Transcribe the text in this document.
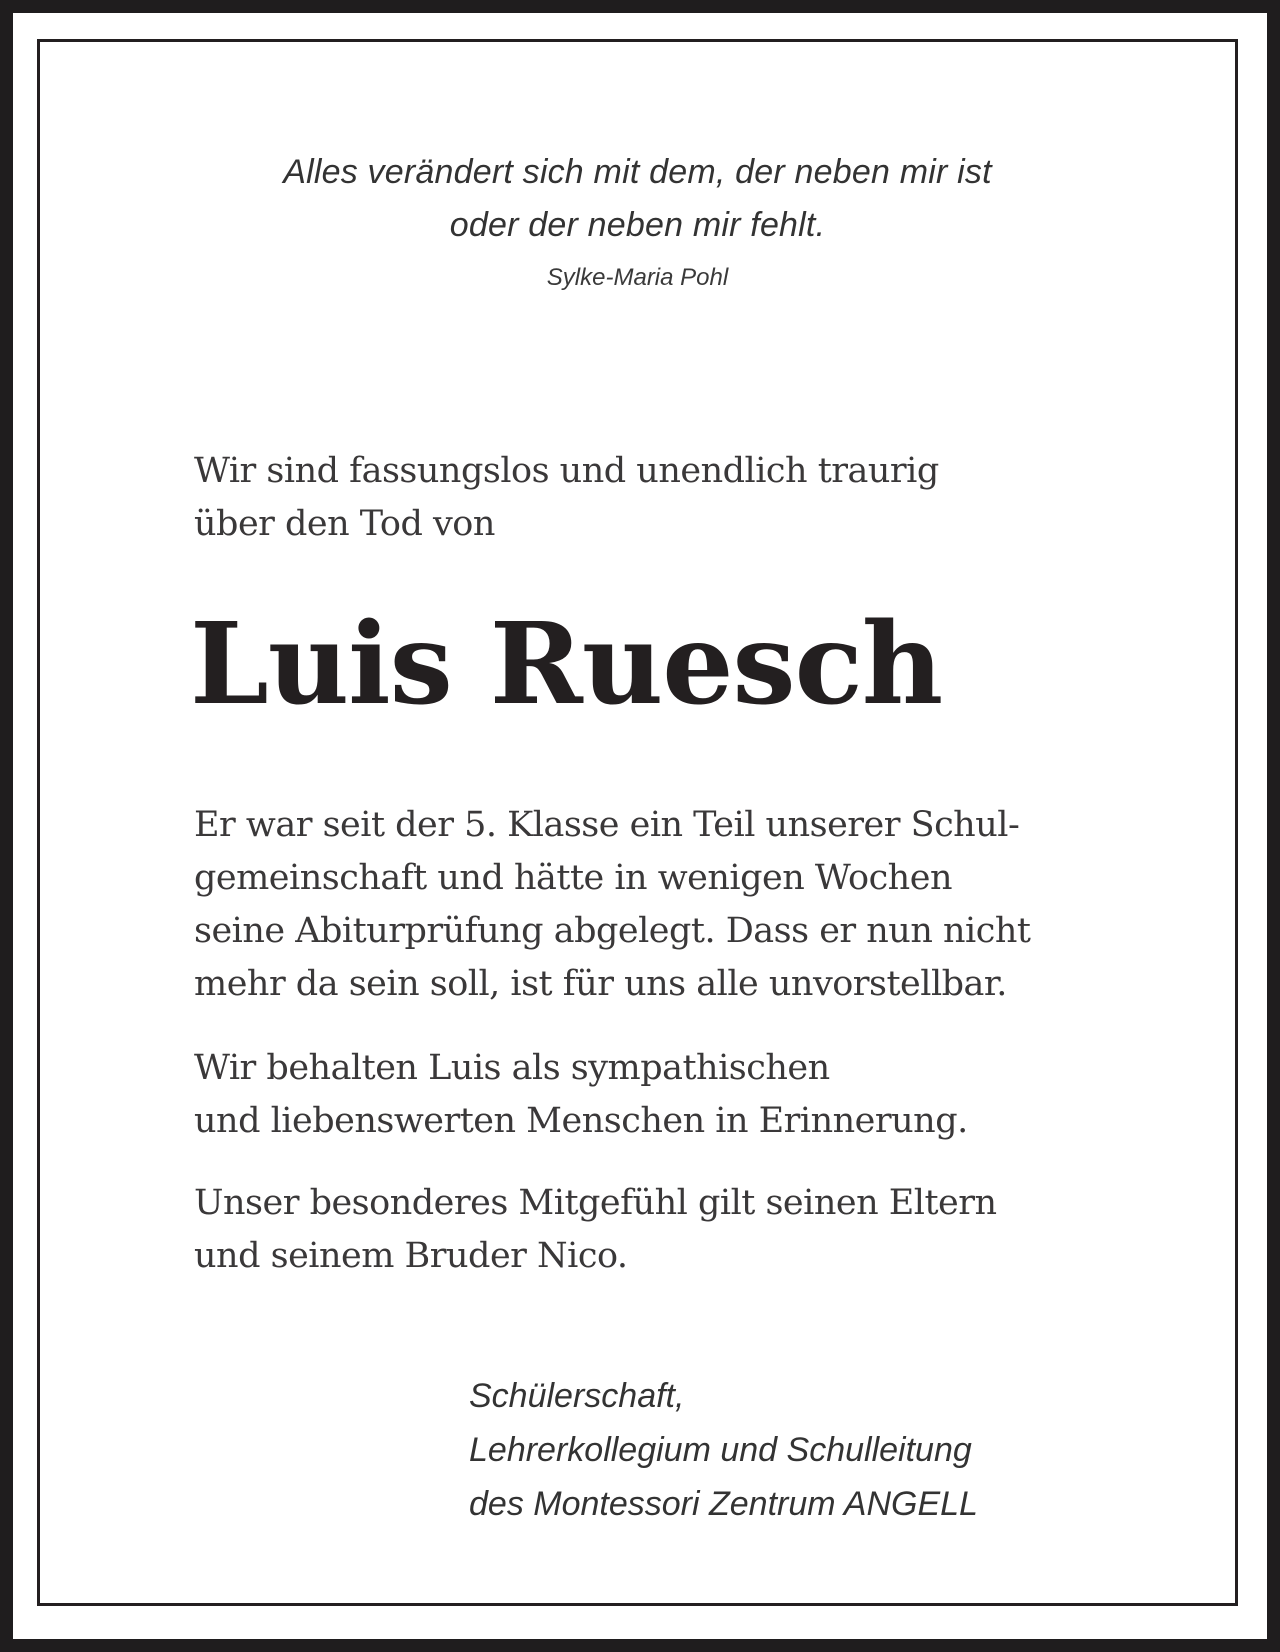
Alles verändert sich mit dem, der neben mir ist
oder der neben mir fehlt.
Sylke-Maria Pohl
Wir sind fassungslos und unendlich traurig
über den Tod von
Luis Ruesch
Er war seit der 5. Klasse ein Teil unserer Schul-
gemeinschaft und hätte in wenigen Wochen
seine Abiturprüfung abgelegt. Dass er nun nicht
mehr da sein soll, ist für uns alle unvorstellbar.
Wir behalten Luis als sympathischen
und liebenswerten Menschen in Erinnerung.
Unser besonderes Mitgefühl gilt seinen Eltern
und seinem Bruder Nico.
Schülerschaft,
Lehrerkollegium und Schulleitung
des Montessori Zentrum ANGELL
